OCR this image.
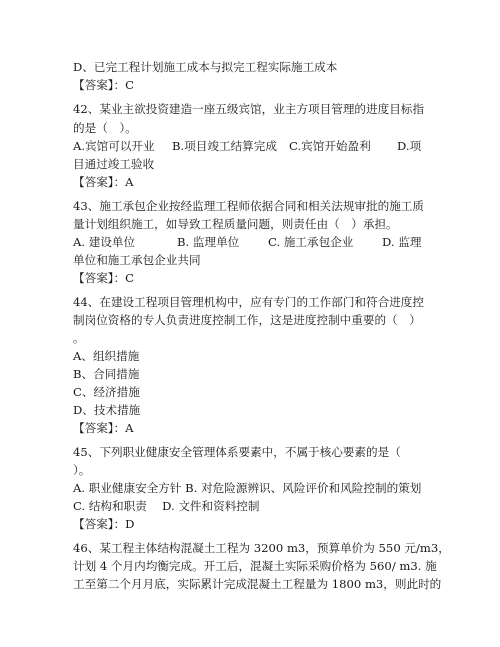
D、已完工程计划施工成本与拟完工程实际施工成本
【答案】：C
42、某业主欲投资建造一座五级宾馆，业主方项目管理的进度目标指
的是（　）。
A.宾馆可以开业 B.项目竣工结算完成 C.宾馆开始盈利 D.项
目通过竣工验收
【答案】：A
43、施工承包企业按经监理工程师依据合同和相关法规审批的施工质
量计划组织施工，如导致工程质量问题，则责任由（　）承担。
A. 建设单位	B. 监理单位 C. 施工承包企业 D. 监理
单位和施工承包企业共同
【答案】：C
44、在建设工程项目管理机构中，应有专门的工作部门和符合进度控
制岗位资格的专人负责进度控制工作，这是进度控制中重要的（　）
。
A、组织措施
B、合同措施
C、经济措施
D、技术措施
【答案】：A
45、下列职业健康安全管理体系要素中，不属于核心要素的是（
）。
A. 职业健康安全方针 B. 对危险源辨识、风险评价和风险控制的策划
C. 结构和职责　 D. 文件和资料控制
【答案】：D
46、某工程主体结构混凝土工程为 3200 m3，预算单价为 550 元/m3，
计划 4 个月内均衡完成。开工后，混凝土实际采购价格为 560/ m3. 施
工至第二个月月底，实际累计完成混凝土工程量为 1800 m3，则此时的
